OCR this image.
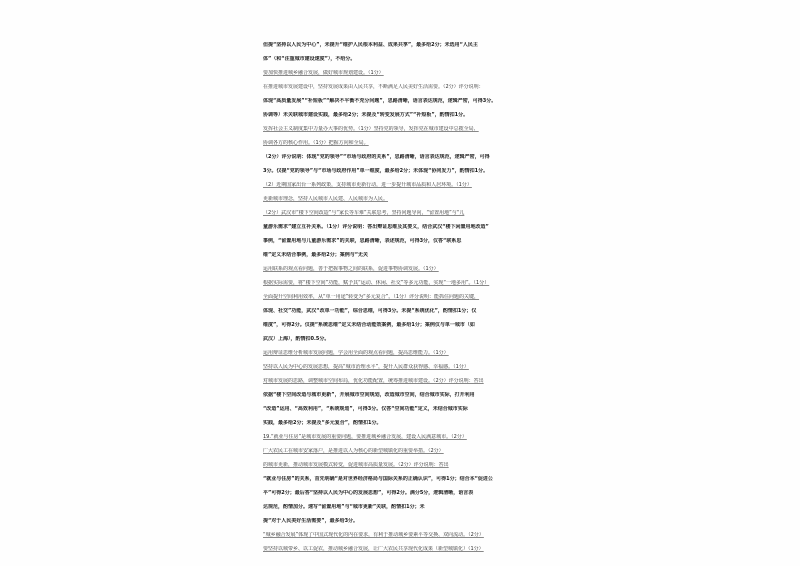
但提“坚持以人民为中心”，未提升“维护人民根本利益、成果共享”，最多给2分；未选用“人民主
体”（和“注重城市建设速度”），不给分。
要加快推进城乡融合发展，做好城市规划建设。（1分）
在推进城市发展建设中，坚持发展成果由人民共享，不断满足人民美好生活需要。（2分）评分说明：
体现“高质量发展”“补短板”“解决不平衡不充分问题”，思路清晰，语言表达规范，逻辑严密，可得3分。
协调等）未关联城市建设实践，最多给2分；未提及“转变发展方式”“补短板”，酌情扣1分。
发挥社会主义制度集中力量办大事的优势。（1分）坚持党的领导，发挥党在城市建设中总揽全局、
协调各方的核心作用。（1分）把握方向和全局。
（2分）评分说明：体现“党的领导”“市场与政府的关系”，思路清晰，语言表达规范，逻辑严密，可得
3分。仅提“党的领导”与“市场与政府作用”单一维度，最多给2分；未体现“协同发力”，酌情扣1分。
（2）近期国家出台一系列政策，支持城市更新行动，进一步提升城市品质和人居环境。（1分）
更新城市理念，坚持人民城市人民建、人民城市为人民。
（2分）武汉市“楼下空间改造”与“家长等车难”关联思考，坚持问题导向，“留置用地”与“儿
童游乐需求”建立互补关系。（1分）评分说明：答出辩证思维及其要义，结合武汉“楼下闲置用地改造”
事例，“留置用地与儿童游乐需求”的关联，思路清晰，表述规范，可得3分，仅答“联系思
维”定义未结合事例，最多给2分；案例与“无关
运用联系的观点看问题，善于把握事物之间的联系，促进事物协调发展。（1分）
根据实际需要，将“楼下空间”功能，赋予其“运动、休闲、社交”等多元功能，实现“一地多用”。（1分）
全面提升空间利用效率，从“单一用途”转变为“多元复合”。（1分）评分说明：能抓住问题的关键，
体现、社交”功能，武汉“改单一功能”，综合思维，可得3分。未提“系统优化”，酌情扣1分；仅
维度”，可得2分。仅提“系统思维”定义未结合动能效案例，最多给1分；案例仅与单一城市（如
武汉）上海），酌情扣0.5分。
运用辩证思维分析城市发展问题，学会用全面的观点看问题，提高思维能力。（1分）
坚持以人民为中心的发展思想，提高“城市治理水平”，提升人民群众获得感、幸福感。（1分）
对城市发展的思路，调整城市空间布局，优化功能配置，统筹推进城市建设。（2分）评分说明：答出
依据“楼下空间改造与城市更新”，开展城市空间规划，改造城市空间，结合城市实际，打开利用
“改造”运用、“高效利用”，“系统规划”，可得3分。仅答“空间功能”定义，未结合城市实际
实践，最多给2分；未提及“多元复合”，酌情扣1分。
19.“就业与住房”是城市发展的重要问题，要推进城乡融合发展，建设人民满意城市。（2分）
广大农民工在城市安家落户，是推进以人为核心的新型城镇化的重要举措。（2分）
的城市更新，推动城市发展模式转变，促进城市高质量发展。（2分）评分说明：答出
“就业与住房”的关系，首先明确“是对世界经济格局与国际关系的正确认识”，可得1分；结合本“促进公
平”可得2分；最后答“坚持以人民为中心的发展思想”，可得2分。满分5分，逻辑清晰，语言表
达规范，酌情加分。速写“留置用地”与“城市更新”关联，酌情扣1分；未
提“对于人民美好生活需要”，最多给3分。
“城乡融合发展”体现了中国式现代化的内在要求，有利于推动城乡要素平等交换、双向流动。（2分）
要坚持以城带乡、以工促农，推动城乡融合发展，让广大农民共享现代化成果（新型城镇化）（1分）
